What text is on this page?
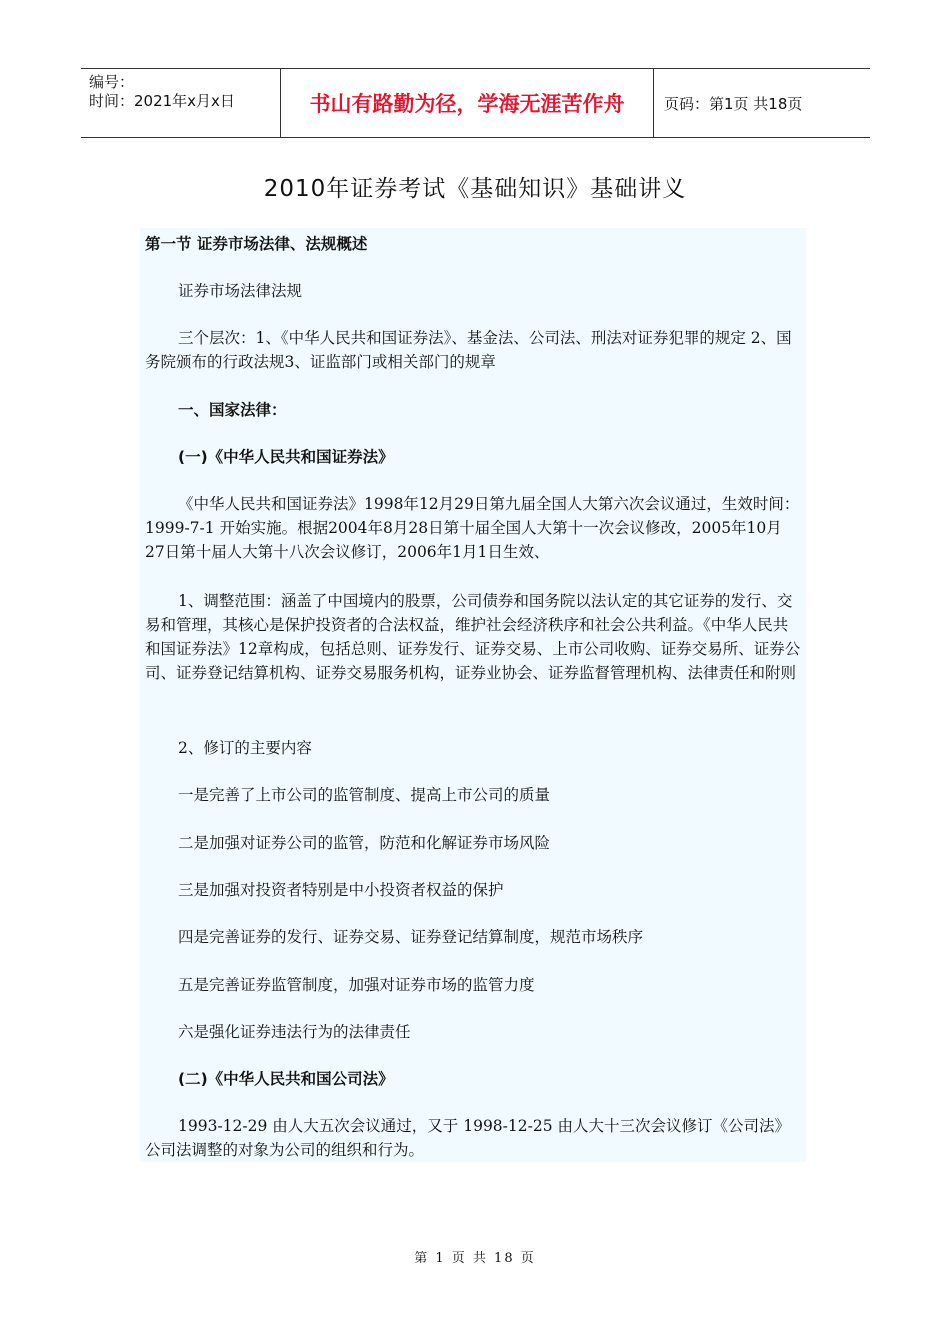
编号：
时间：2021年x月x日	书山有路勤为径，学海无涯苦作舟	页码：第1页 共18页
2010年证券考试《基础知识》基础讲义

第一节 证券市场法律、法规概述

证券市场法律法规

三个层次：1、《中华人民共和国证券法》、基金法、公司法、刑法对证券犯罪的规定 2、国务院颁布的行政法规3、证监部门或相关部门的规章

一、国家法律：

(一)《中华人民共和国证券法》

《中华人民共和国证券法》1998年12月29日第九届全国人大第六次会议通过，生效时间： 1999-7-1 开始实施。根据2004年8月28日第十届全国人大第十一次会议修改，2005年10月27日第十届人大第十八次会议修订，2006年1月1日生效、

1、调整范围：涵盖了中国境内的股票，公司债券和国务院以法认定的其它证券的发行、交易和管理，其核心是保护投资者的合法权益，维护社会经济秩序和社会公共利益。《中华人民共和国证券法》12章构成，包括总则、证券发行、证券交易、上市公司收购、证券交易所、证券公司、证券登记结算机构、证券交易服务机构，证券业协会、证券监督管理机构、法律责任和附则

2、修订的主要内容

一是完善了上市公司的监管制度、提高上市公司的质量

二是加强对证券公司的监管，防范和化解证券市场风险

三是加强对投资者特别是中小投资者权益的保护

四是完善证券的发行、证券交易、证券登记结算制度，规范市场秩序

五是完善证券监管制度，加强对证券市场的监管力度

六是强化证券违法行为的法律责任

(二)《中华人民共和国公司法》

1993-12-29 由人大五次会议通过，又于 1998-12-25 由人大十三次会议修订《公司法》公司法调整的对象为公司的组织和行为。

第 1 页 共 18 页
